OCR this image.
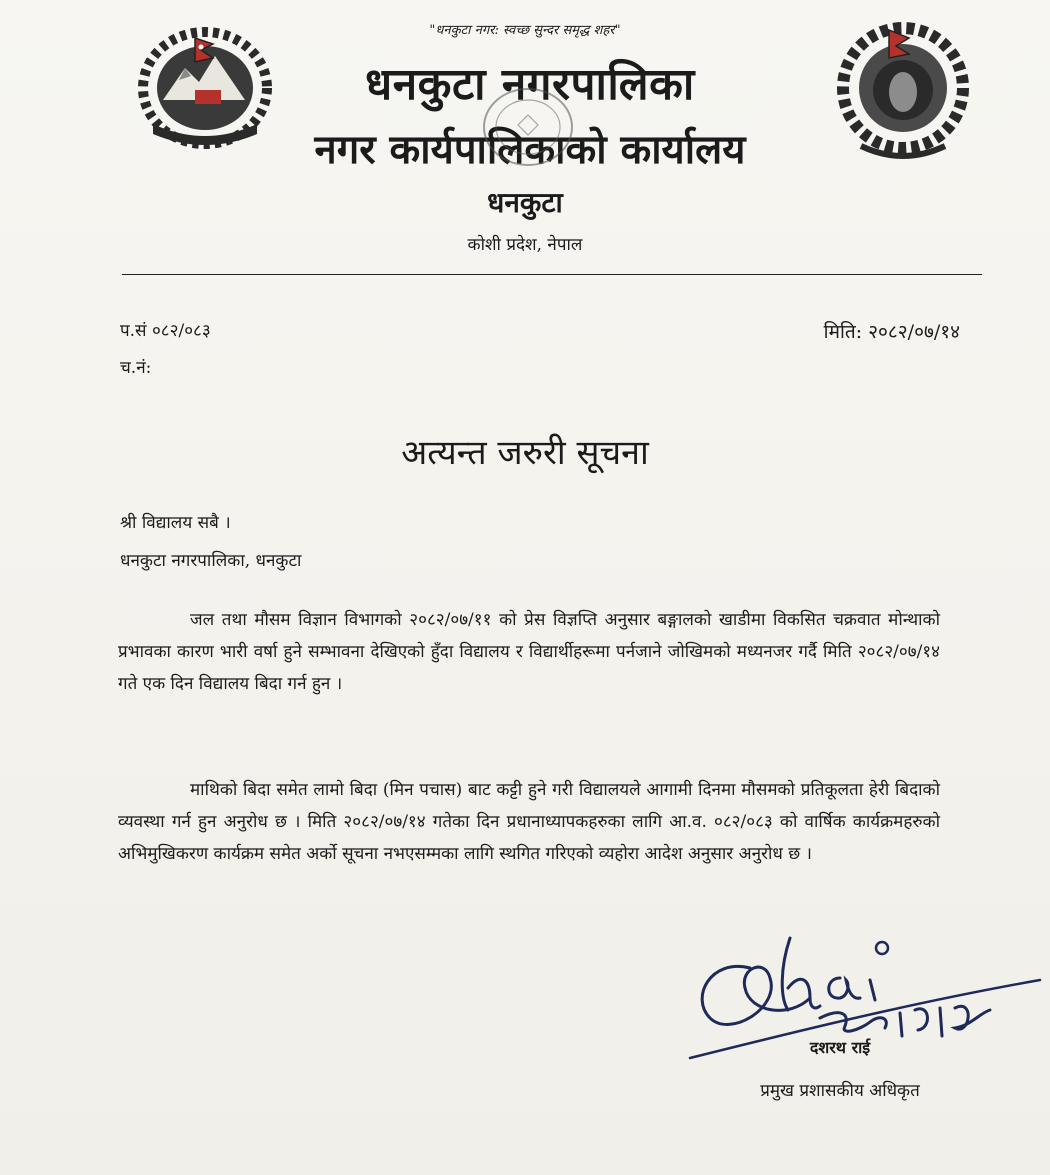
"धनकुटा नगर: स्वच्छ सुन्दर समृद्ध शहर"
धनकुटा नगरपालिका
नगर कार्यपालिकाको कार्यालय
धनकुटा
कोशी प्रदेश, नेपाल
प.सं ०८२/०८३
च.नं:
मिति: २०८२/०७/१४
अत्यन्त जरुरी सूचना
श्री विद्यालय सबै ।
धनकुटा नगरपालिका, धनकुटा

जल तथा मौसम विज्ञान विभागको २०८२/०७/११ को प्रेस विज्ञप्ति अनुसार बङ्गालको खाडीमा विकसित चक्रवात मोन्थाको प्रभावका कारण भारी वर्षा हुने सम्भावना देखिएको हुँदा विद्यालय र विद्यार्थीहरूमा पर्नजाने जोखिमको मध्यनजर गर्दै मिति २०८२/०७/१४ गते एक दिन विद्यालय बिदा गर्न हुन ।

माथिको बिदा समेत लामो बिदा (मिन पचास) बाट कट्टी हुने गरी विद्यालयले आगामी दिनमा मौसमको प्रतिकूलता हेरी बिदाको व्यवस्था गर्न हुन अनुरोध छ । मिति २०८२/०७/१४ गतेका दिन प्रधानाध्यापकहरुका लागि आ.व. ०८२/०८३ को वार्षिक कार्यक्रमहरुको अभिमुखिकरण कार्यक्रम समेत अर्को सूचना नभएसम्मका लागि स्थगित गरिएको व्यहोरा आदेश अनुसार अनुरोध छ ।

दशरथ राई
प्रमुख प्रशासकीय अधिकृत
